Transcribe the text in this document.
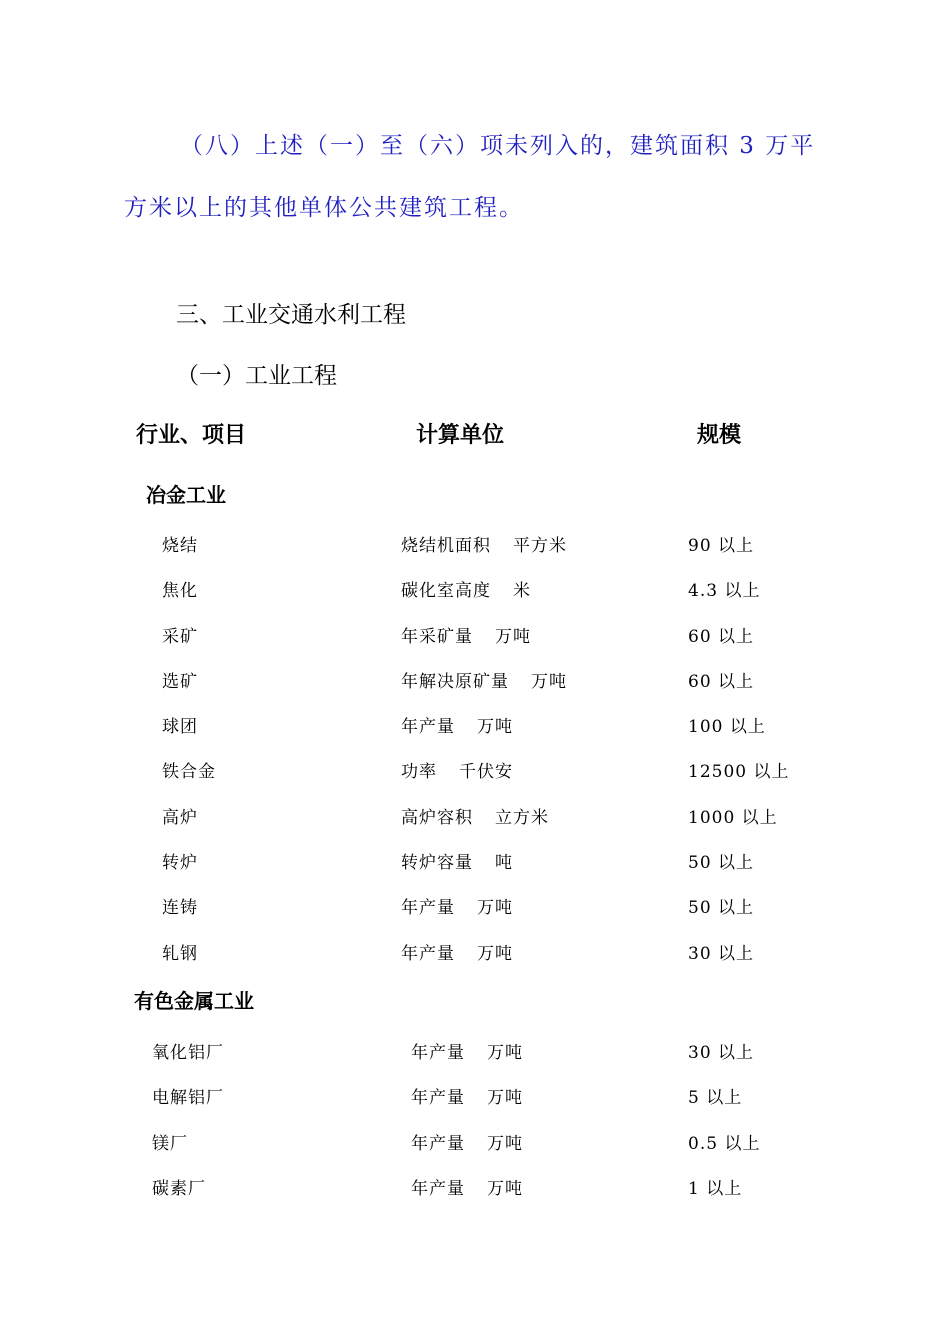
（八）上述（一）至（六）项未列入的，建筑面积 3 万平
方米以上的其他单体公共建筑工程。
三、工业交通水利工程
（一）工业工程
行业、项目	计算单位	规模
冶金工业
烧结	烧结机面积 平方米	90 以上
焦化	碳化室高度 米	4.3 以上
采矿	年采矿量 万吨	60 以上
选矿	年解决原矿量 万吨	60 以上
球团	年产量 万吨	100 以上
铁合金	功率 千伏安	12500 以上
高炉	高炉容积 立方米	1000 以上
转炉	转炉容量 吨	50 以上
连铸	年产量 万吨	50 以上
轧钢	年产量 万吨	30 以上
有色金属工业
氧化铝厂	年产量 万吨	30 以上
电解铝厂	年产量 万吨	5 以上
镁厂	年产量 万吨	0.5 以上
碳素厂	年产量 万吨	1 以上
